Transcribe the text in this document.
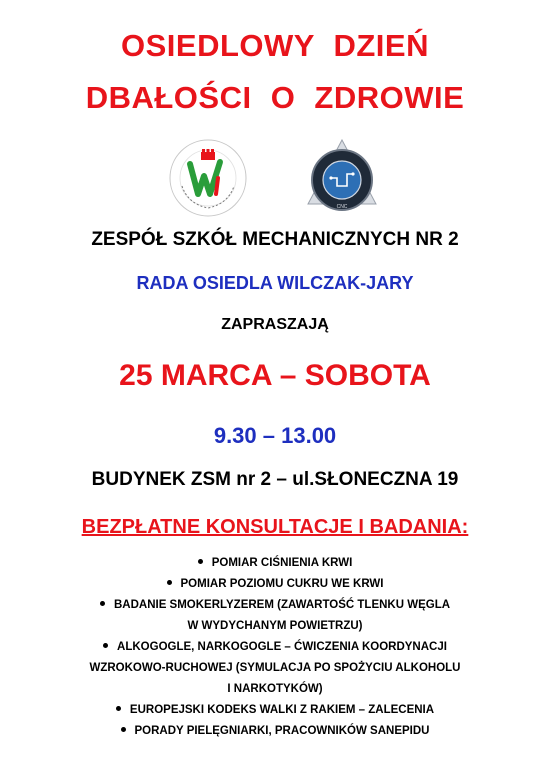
OSIEDLOWY DZIEŃ
DBAŁOŚCI O ZDROWIE
CNC
ZESPÓŁ SZKÓŁ MECHANICZNYCH NR 2
RADA OSIEDLA WILCZAK-JARY
ZAPRASZAJĄ
25 MARCA – SOBOTA
9.30 – 13.00
BUDYNEK ZSM nr 2 – ul.SŁONECZNA 19
BEZPŁATNE KONSULTACJE I BADANIA:
POMIAR CIŚNIENIA KRWI
POMIAR POZIOMU CUKRU WE KRWI
BADANIE SMOKERLYZEREM (ZAWARTOŚĆ TLENKU WĘGLA
W WYDYCHANYM POWIETRZU)
ALKOGOGLE, NARKOGOGLE – ĆWICZENIA KOORDYNACJI
WZROKOWO-RUCHOWEJ (SYMULACJA PO SPOŻYCIU ALKOHOLU
I NARKOTYKÓW)
EUROPEJSKI KODEKS WALKI Z RAKIEM – ZALECENIA
PORADY PIELĘGNIARKI, PRACOWNIKÓW SANEPIDU
